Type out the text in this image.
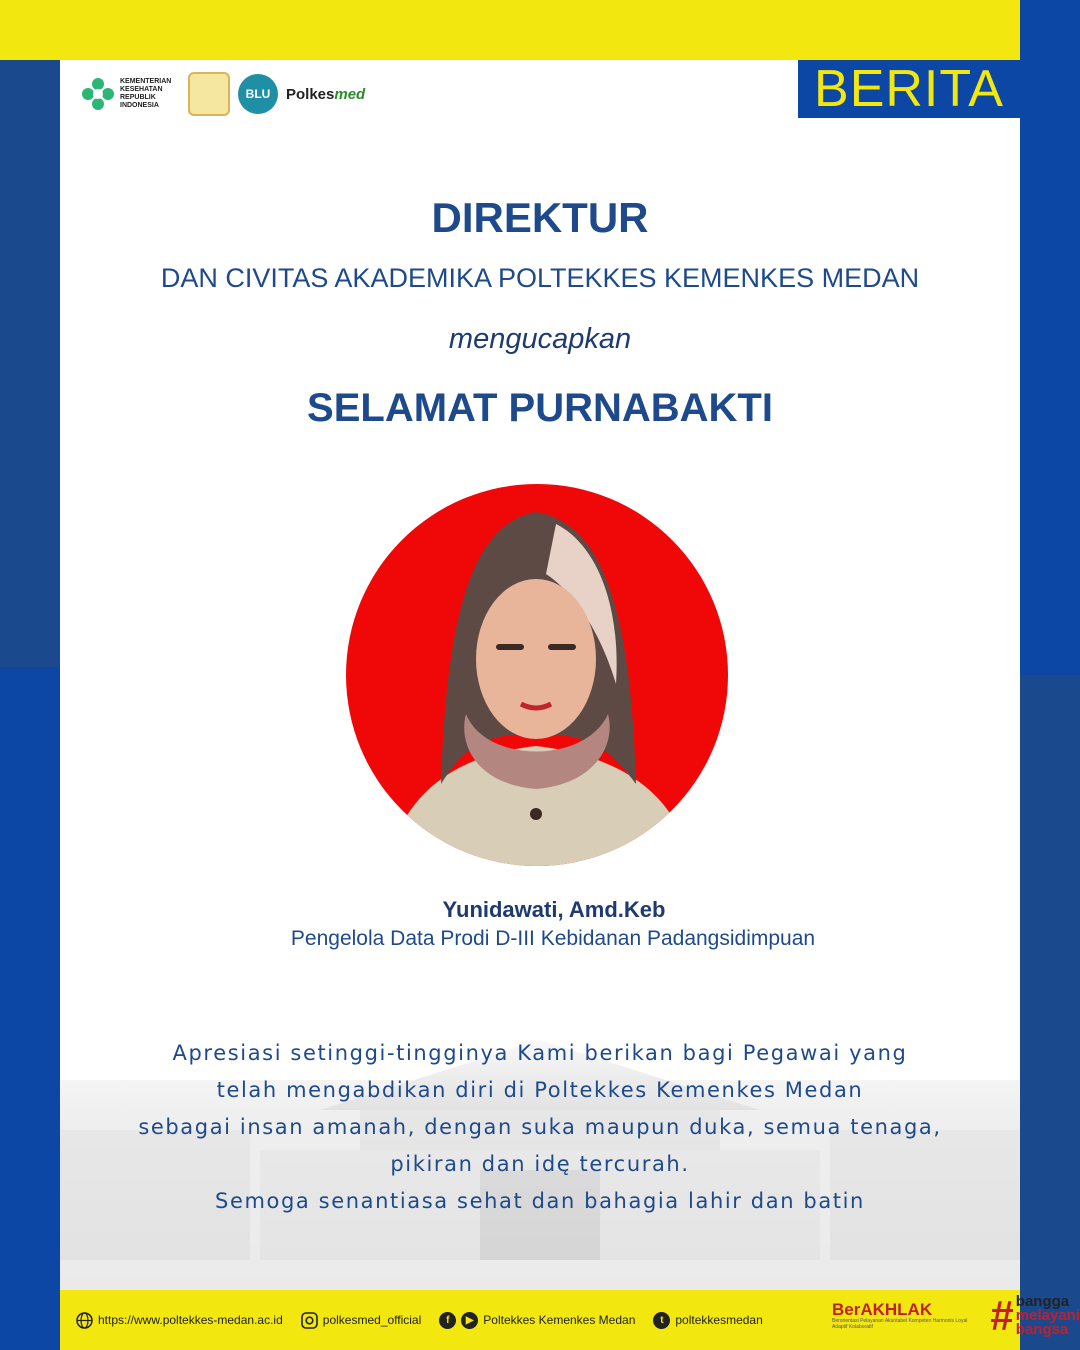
KEMENTERIAN
KESEHATAN
REPUBLIK
INDONESIA
BLU	Polkes med	BERITA
DIREKTUR
DAN CIVITAS AKADEMIKA POLTEKKES KEMENKES MEDAN
mengucapkan
SELAMAT PURNABAKTI
Yunidawati, Amd.Keb
Pengelola Data Prodi D-III Kebidanan Padangsidimpuan
Apresiasi setinggi-tingginya Kami berikan bagi Pegawai yang
telah mengabdikan diri di Poltekkes Kemenkes Medan
sebagai insan amanah, dengan suka maupun duka, semua tenaga,
pikiran dan idę tercurah.
Semoga senantiasa sehat dan bahagia lahir dan batin
https://www.poltekkes-medan.ac.id	polkesmed_official	f	▶ Poltekkes Kemenkes Medan	t poltekkesmedan
BerAKHLAK
Berorientasi Pelayanan Akuntabel Kompeten Harmonis Loyal Adaptif Kolaboratif	# bangga
melayani
bangsa
